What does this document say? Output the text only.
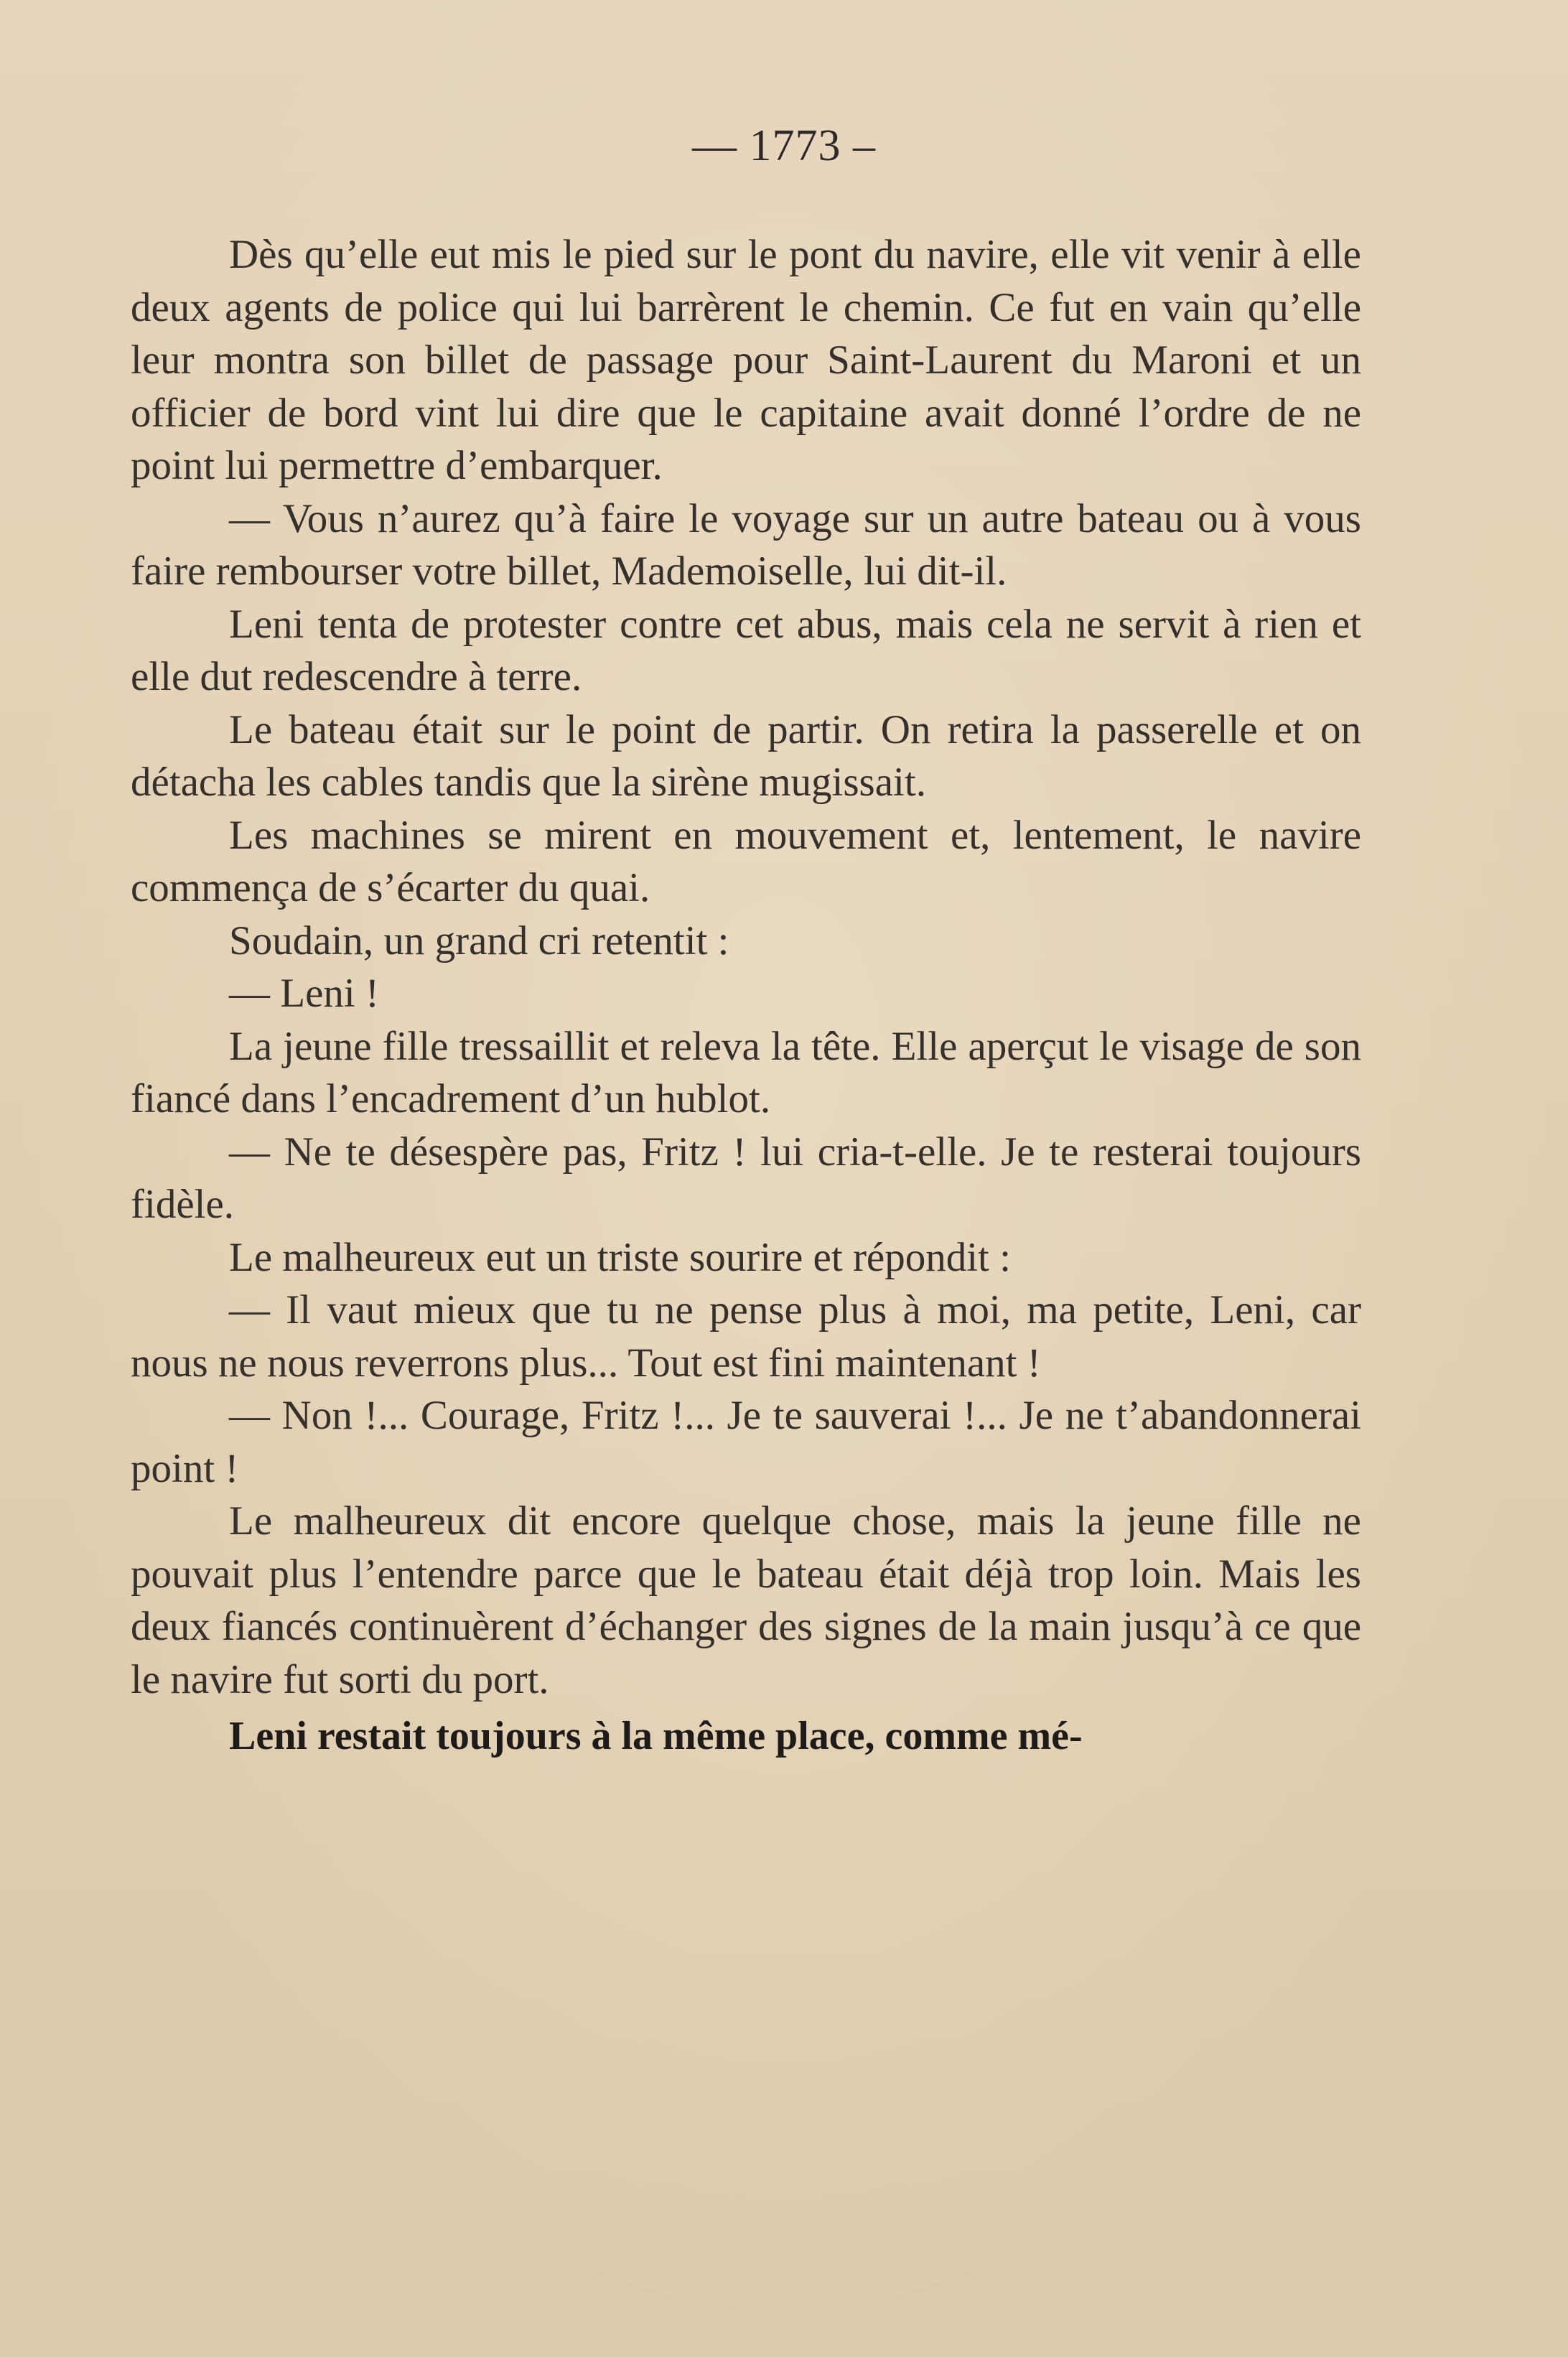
— 1773 –

Dès qu’elle eut mis le pied sur le pont du navire, elle vit venir à elle deux agents de police qui lui barrèrent le chemin. Ce fut en vain qu’elle leur montra son billet de passage pour Saint-Laurent du Maroni et un officier de bord vint lui dire que le capitaine avait donné l’ordre de ne point lui permettre d’embarquer.

— Vous n’aurez qu’à faire le voyage sur un autre bateau ou à vous faire rembourser votre billet, Mademoiselle, lui dit-il.

Leni tenta de protester contre cet abus, mais cela ne servit à rien et elle dut redescendre à terre.

Le bateau était sur le point de partir. On retira la passerelle et on détacha les cables tandis que la sirène mugissait.

Les machines se mirent en mouvement et, lentement, le navire commença de s’écarter du quai.

Soudain, un grand cri retentit :

— Leni !

La jeune fille tressaillit et releva la tête. Elle aperçut le visage de son fiancé dans l’encadrement d’un hublot.

— Ne te désespère pas, Fritz ! lui cria-t-elle. Je te resterai toujours fidèle.

Le malheureux eut un triste sourire et répondit :

— Il vaut mieux que tu ne pense plus à moi, ma petite, Leni, car nous ne nous reverrons plus... Tout est fini maintenant !

— Non !... Courage, Fritz !... Je te sauverai !... Je ne t’abandonnerai point !

Le malheureux dit encore quelque chose, mais la jeune fille ne pouvait plus l’entendre parce que le bateau était déjà trop loin. Mais les deux fiancés continuèrent d’échanger des signes de la main jusqu’à ce que le navire fut sorti du port.

Leni restait toujours à la même place, comme mé-
